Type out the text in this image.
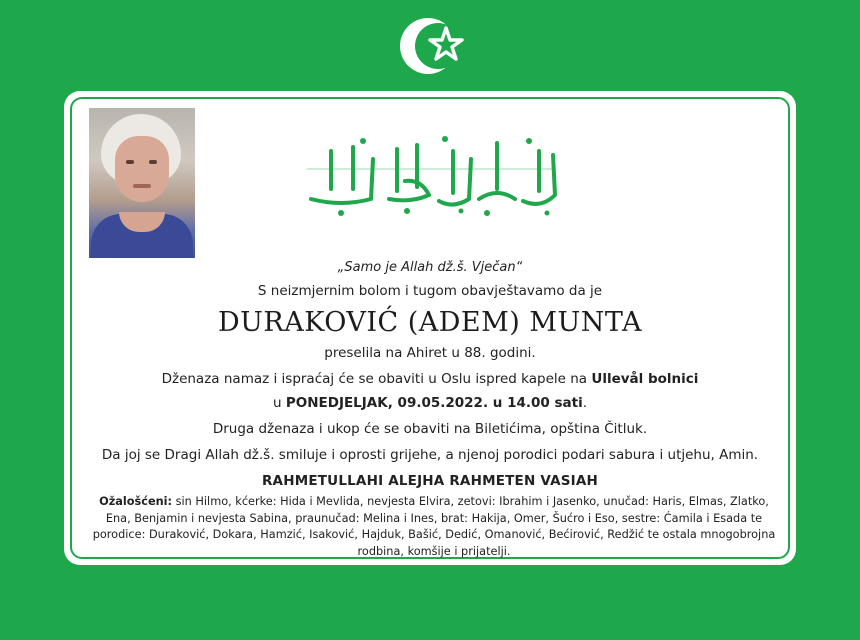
„Samo je Allah dž.š. Vječan“
S neizmjernim bolom i tugom obavještavamo da je
DURAKOVIĆ (ADEM) MUNTA
preselila na Ahiret u 88. godini.
Dženaza namaz i ispraćaj će se obaviti u Oslu ispred kapele na Ullevål bolnici
u PONEDJELJAK, 09.05.2022. u 14.00 sati.
Druga dženaza i ukop će se obaviti na Biletićima, opština Čitluk.
Da joj se Dragi Allah dž.š. smiluje i oprosti grijehe, a njenoj porodici podari sabura i utjehu, Amin.
RAHMETULLAHI ALEJHA RAHMETEN VASIAH
Ožalošćeni: sin Hilmo, kćerke: Hida i Mevlida, nevjesta Elvira, zetovi: Ibrahim i Jasenko, unučad: Haris, Elmas, Zlatko, Ena, Benjamin i nevjesta Sabina, praunučad: Melina i Ines, brat: Hakija, Omer, Šućro i Eso, sestre: Ćamila i Esada te porodice: Duraković, Dokara, Hamzić, Isaković, Hajduk, Bašić, Dedić, Omanović, Bećirović, Redžić te ostala mnogobrojna rodbina, komšije i prijatelji.
